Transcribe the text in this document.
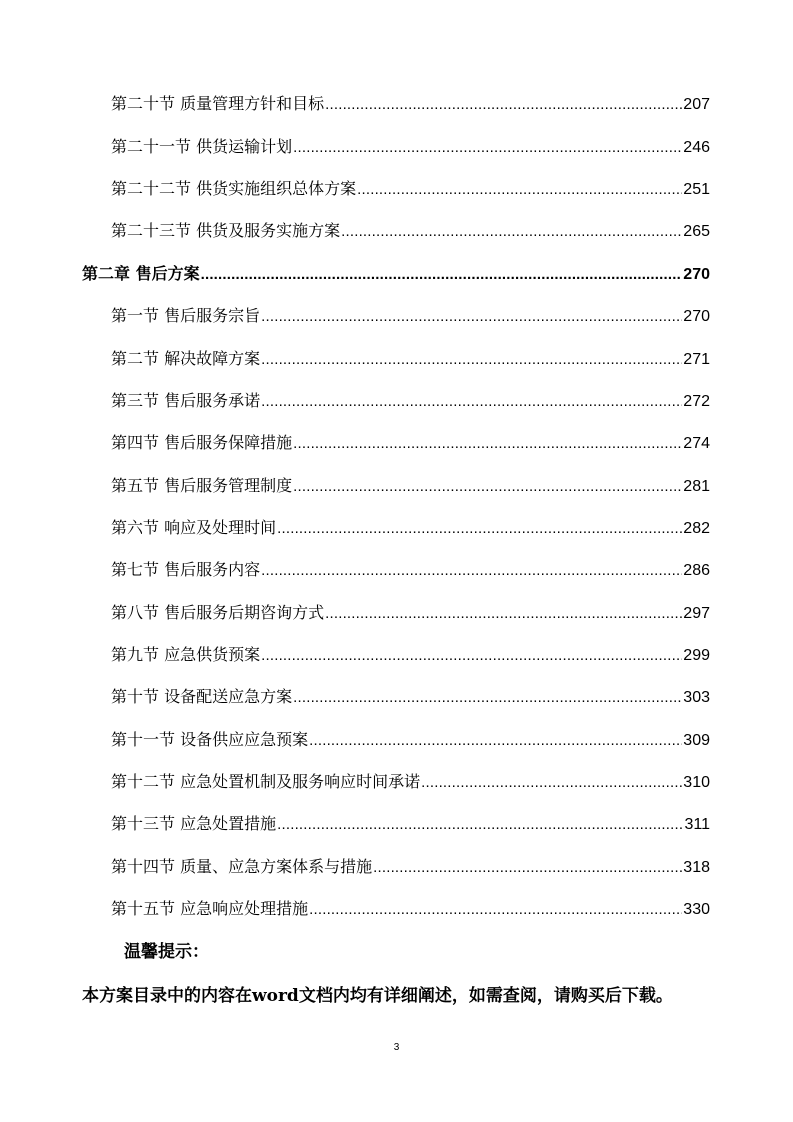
第二十节 质量管理方针和目标 .....	207
第二十一节 供货运输计划 .....	246
第二十二节 供货实施组织总体方案 .....	251
第二十三节 供货及服务实施方案 .....	265
第二章 售后方案 .....	270
第一节 售后服务宗旨 .....	270
第二节 解决故障方案 .....	271
第三节 售后服务承诺 .....	272
第四节 售后服务保障措施 .....	274
第五节 售后服务管理制度 .....	281
第六节 响应及处理时间 .....	282
第七节 售后服务内容 .....	286
第八节 售后服务后期咨询方式 .....	297
第九节 应急供货预案 .....	299
第十节 设备配送应急方案 .....	303
第十一节 设备供应应急预案 .....	309
第十二节 应急处置机制及服务响应时间承诺 .....	310
第十三节 应急处置措施 .....	311
第十四节 质量、应急方案体系与措施 .....	318
第十五节 应急响应处理措施 .....	330
温馨提示：
本方案目录中的内容在word文档内均有详细阐述，如需查阅，请购买后下载。
3
